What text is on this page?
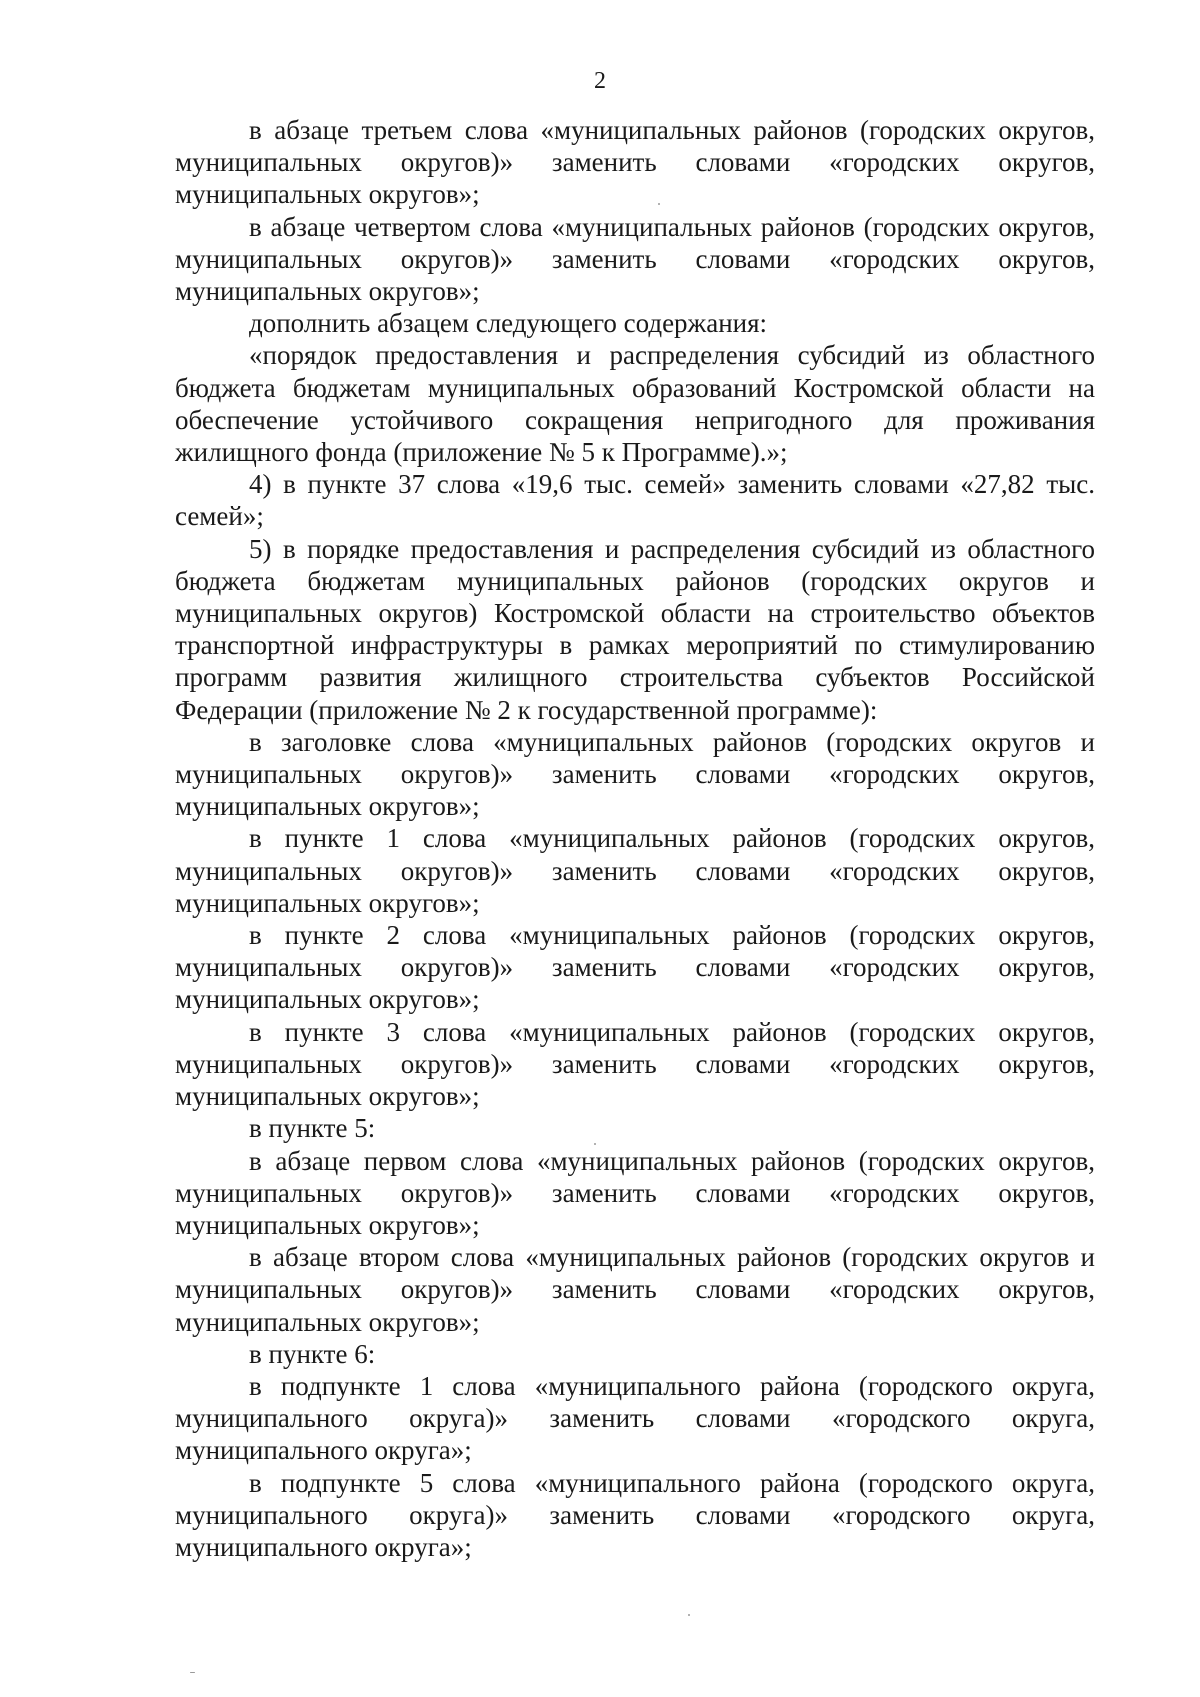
2

в абзаце третьем слова «муниципальных районов (городских округов, муниципальных округов)» заменить словами «городских округов, муниципальных округов»;

в абзаце четвертом слова «муниципальных районов (городских округов, муниципальных округов)» заменить словами «городских округов, муниципальных округов»;

дополнить абзацем следующего содержания:

«порядок предоставления и распределения субсидий из областного бюджета бюджетам муниципальных образований Костромской области на обеспечение устойчивого сокращения непригодного для проживания жилищного фонда (приложение № 5 к Программе).»;

4) в пункте 37 слова «19,6 тыс. семей» заменить словами «27,82 тыс. семей»;

5) в порядке предоставления и распределения субсидий из областного бюджета бюджетам муниципальных районов (городских округов и муниципальных округов) Костромской области на строительство объектов транспортной инфраструктуры в рамках мероприятий по стимулированию программ развития жилищного строительства субъектов Российской Федерации (приложение № 2 к государственной программе):

в заголовке слова «муниципальных районов (городских округов и муниципальных округов)» заменить словами «городских округов, муниципальных округов»;

в пункте 1 слова «муниципальных районов (городских округов, муниципальных округов)» заменить словами «городских округов, муниципальных округов»;

в пункте 2 слова «муниципальных районов (городских округов, муниципальных округов)» заменить словами «городских округов, муниципальных округов»;

в пункте 3 слова «муниципальных районов (городских округов, муниципальных округов)» заменить словами «городских округов, муниципальных округов»;

в пункте 5:

в абзаце первом слова «муниципальных районов (городских округов, муниципальных округов)» заменить словами «городских округов, муниципальных округов»;

в абзаце втором слова «муниципальных районов (городских округов и муниципальных округов)» заменить словами «городских округов, муниципальных округов»;

в пункте 6:

в подпункте 1 слова «муниципального района (городского округа, муниципального округа)» заменить словами «городского округа, муниципального округа»;

в подпункте 5 слова «муниципального района (городского округа, муниципального округа)» заменить словами «городского округа, муниципального округа»;
